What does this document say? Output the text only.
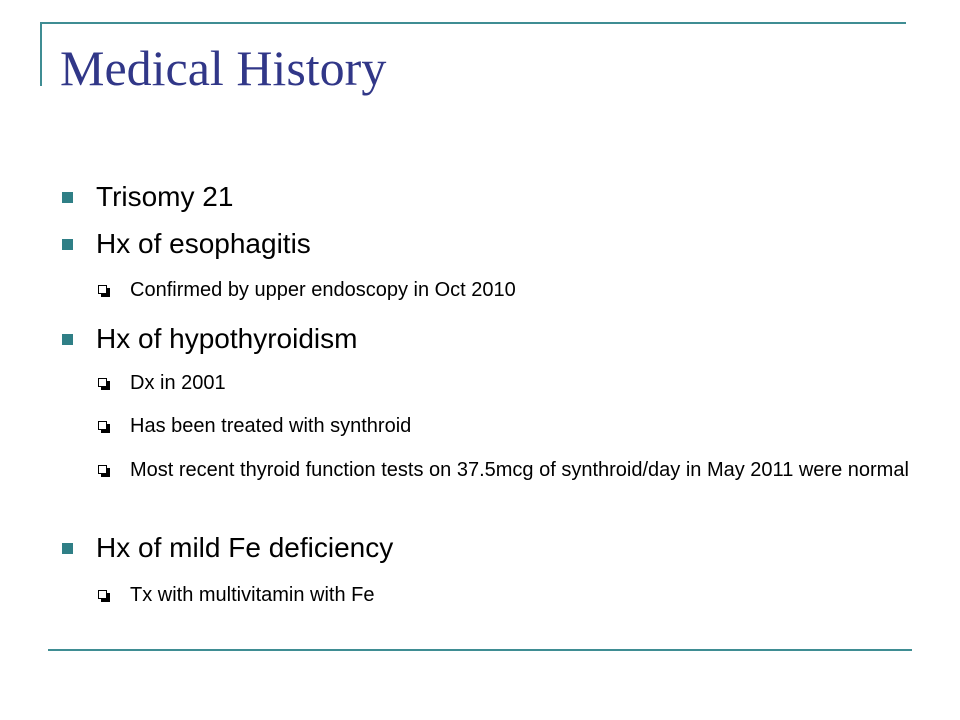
Medical History
Trisomy 21
Hx of esophagitis
Confirmed by upper endoscopy in Oct 2010
Hx of hypothyroidism
Dx in 2001
Has been treated with synthroid
Most recent thyroid function tests on 37.5mcg of synthroid/day in May 2011 were normal
Hx of mild Fe deficiency
Tx with multivitamin with Fe
